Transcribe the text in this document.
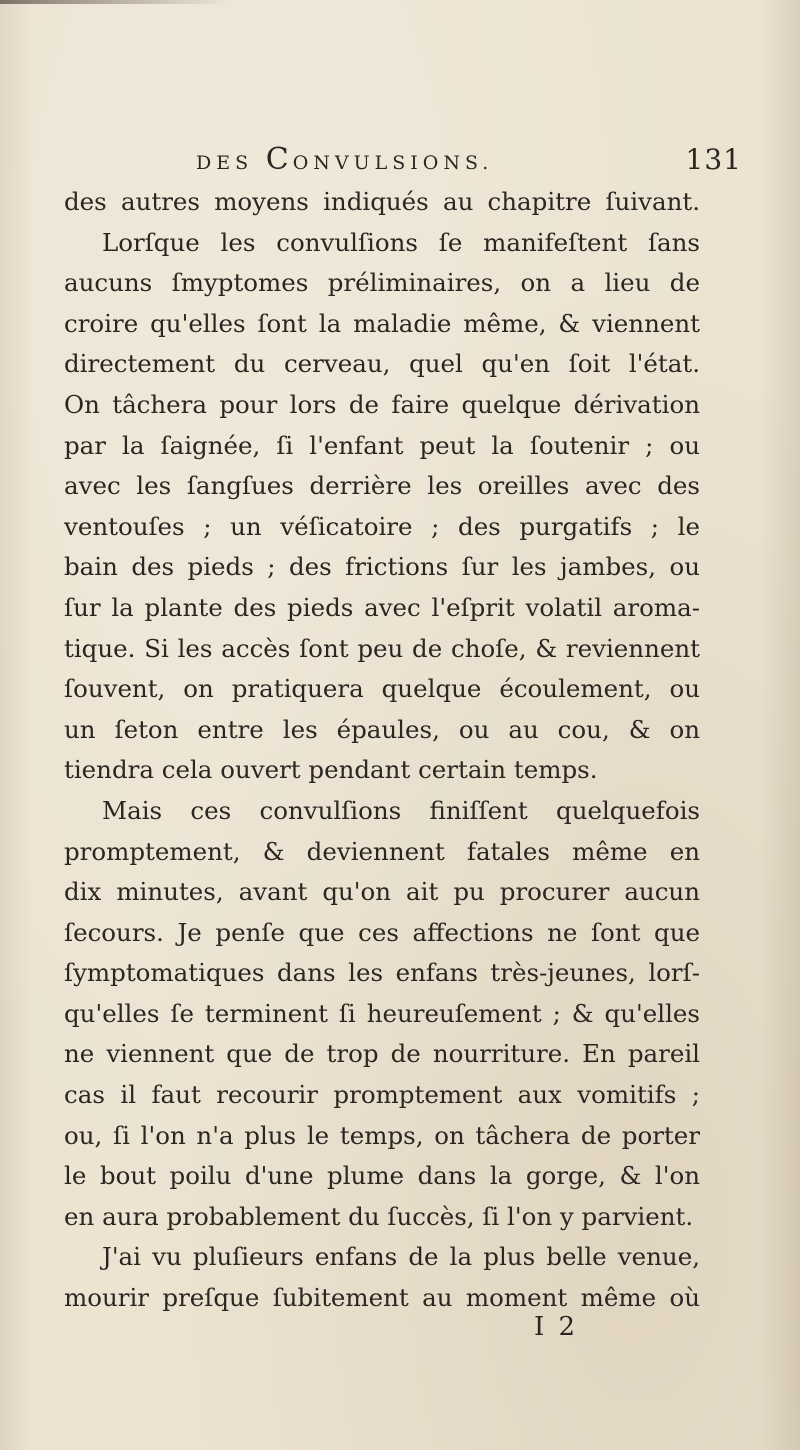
DES CONVULSIONS.	131
des autres moyens indiqués au chapitre ſuivant.
Lorſque les convulſions ſe manifeſtent ſans
aucuns ſmyptomes préliminaires, on a lieu de
croire qu'elles ſont la maladie même, & viennent
directement du cerveau, quel qu'en ſoit l'état.
On tâchera pour lors de faire quelque dérivation
par la ſaignée, ſi l'enfant peut la ſoutenir ; ou
avec les ſangſues derrière les oreilles avec des
ventouſes ; un véſicatoire ; des purgatifs ; le
bain des pieds ; des frictions ſur les jambes, ou
ſur la plante des pieds avec l'eſprit volatil aroma-
tique. Si les accès ſont peu de choſe, & reviennent
ſouvent, on pratiquera quelque écoulement, ou
un ſeton entre les épaules, ou au cou, & on
tiendra cela ouvert pendant certain temps.
Mais ces convulſions finiſſent quelquefois
promptement, & deviennent fatales même en
dix minutes, avant qu'on ait pu procurer aucun
ſecours. Je penſe que ces affections ne ſont que
ſymptomatiques dans les enfans très-jeunes, lorſ-
qu'elles ſe terminent ſi heureuſement ; & qu'elles
ne viennent que de trop de nourriture. En pareil
cas il faut recourir promptement aux vomitifs ;
ou, ſi l'on n'a plus le temps, on tâchera de porter
le bout poilu d'une plume dans la gorge, & l'on
en aura probablement du ſuccès, ſi l'on y parvient.
J'ai vu pluſieurs enfans de la plus belle venue,
mourir preſque ſubitement au moment même où
I 2
